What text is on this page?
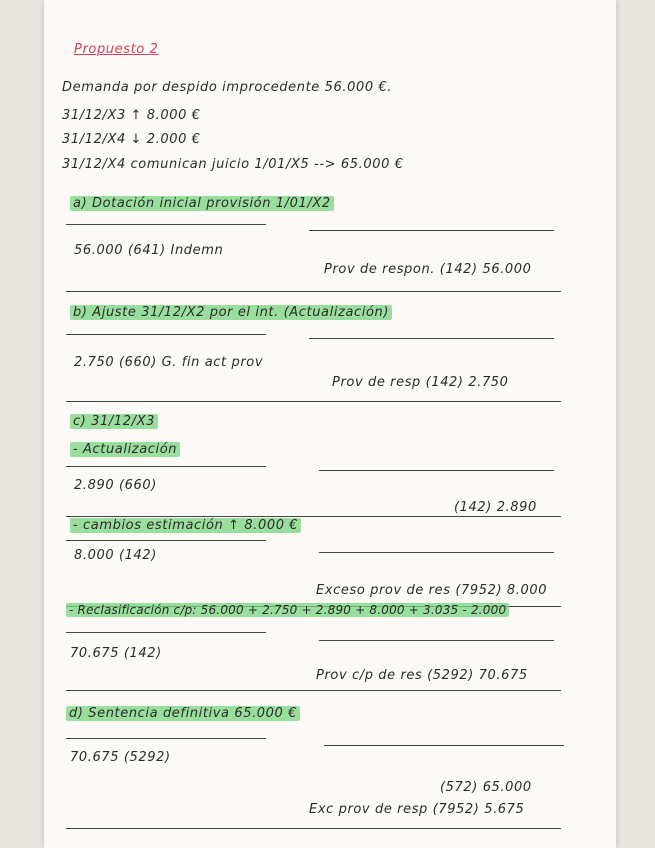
Propuesto 2
Demanda por despido improcedente 56.000 €.
31/12/X3 ↑ 8.000 €
31/12/X4 ↓ 2.000 €
31/12/X4 comunican juicio 1/01/X5 --> 65.000 €
a) Dotación inicial provisión 1/01/X2
56.000 (641) Indemn
Prov de respon. (142) 56.000
b) Ajuste 31/12/X2 por el int. (Actualización)
2.750 (660) G. fin act prov
Prov de resp (142) 2.750
c) 31/12/X3
- Actualización
2.890 (660)
(142) 2.890
- cambios estimación ↑ 8.000 €
8.000 (142)
Exceso prov de res (7952) 8.000
- Reclasificación c/p: 56.000 + 2.750 + 2.890 + 8.000 + 3.035 - 2.000
70.675 (142)
Prov c/p de res (5292) 70.675
d) Sentencia definitiva 65.000 €
70.675 (5292)
(572) 65.000
Exc prov de resp (7952) 5.675
